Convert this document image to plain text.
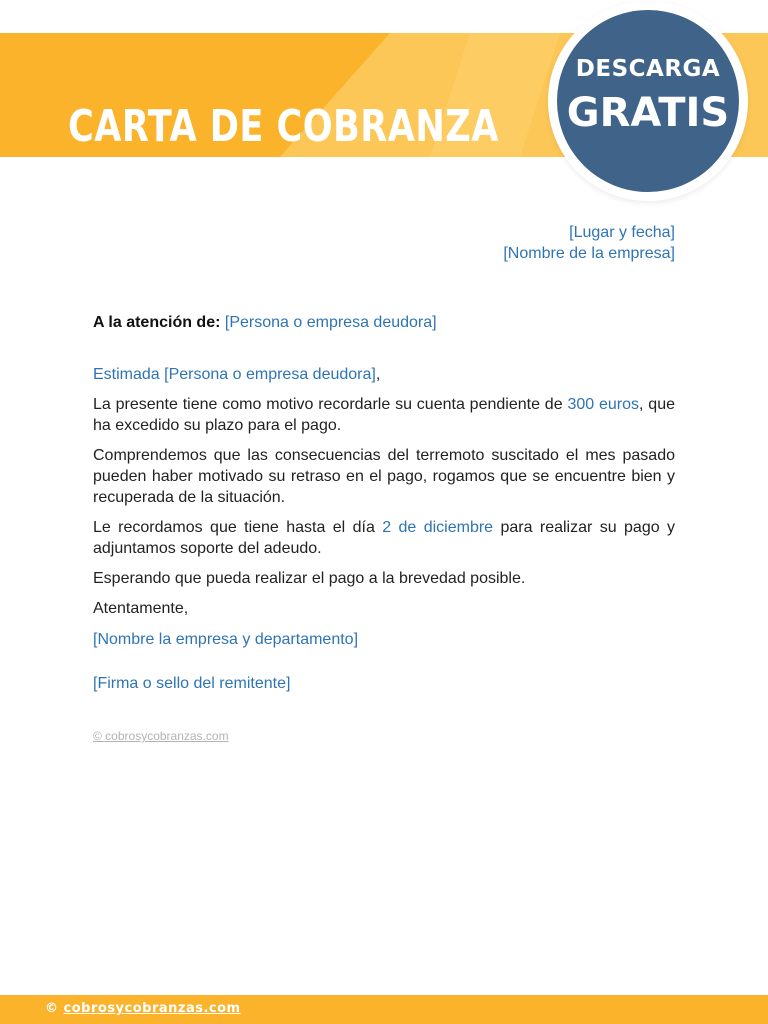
CARTA DE COBRANZA
DESCARGA
GRATIS

[Lugar y fecha]

[Nombre de la empresa]

A la atención de: [Persona o empresa deudora]

Estimada [Persona o empresa deudora],

La presente tiene como motivo recordarle su cuenta pendiente de 300 euros, que ha excedido su plazo para el pago.

Comprendemos que las consecuencias del terremoto suscitado el mes pasado pueden haber motivado su retraso en el pago, rogamos que se encuentre bien y recuperada de la situación.

Le recordamos que tiene hasta el día 2 de diciembre para realizar su pago y adjuntamos soporte del adeudo.

Esperando que pueda realizar el pago a la brevedad posible.

Atentamente,

[Nombre la empresa y departamento]

[Firma o sello del remitente]

© cobrosycobranzas.com

© cobrosycobranzas.com
